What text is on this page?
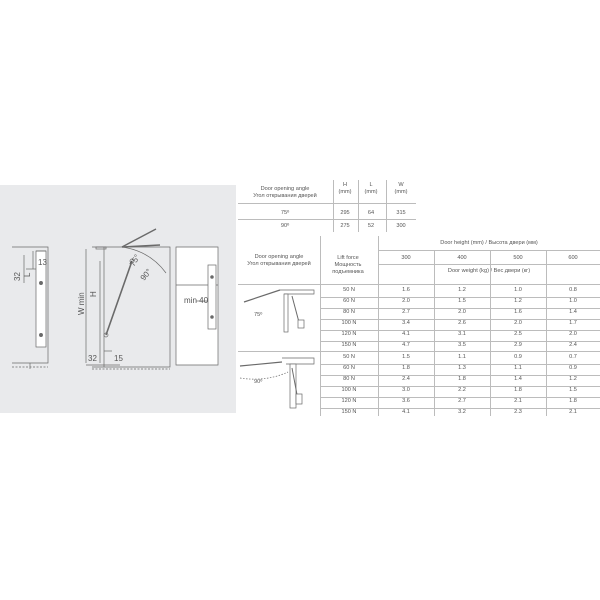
13
32 L
W min H
75°
90°
32 15
min 40
Door opening angle
Угол открывания дверей
H
(mm)
L
(mm)
W
(mm)
75º	295	64	315
90º	275	52	300
Door opening angle
Угол открывания дверей
Lift force
Мощность
подъемника
Door height (mm) / Высота двери (мм)
300	400	500	600
Door weight (kg) / Вес двери (кг)
75º
90º
50 N	1.6	1.2	1.0	0.8
60 N	2.0	1.5	1.2	1.0
80 N	2.7	2.0	1.6	1.4
100 N	3.4	2.6	2.0	1.7
120 N	4.1	3.1	2.5	2.0
150 N	4.7	3.5	2.9	2.4
50 N	1.5	1.1	0.9	0.7
60 N	1.8	1.3	1.1	0.9
80 N	2.4	1.8	1.4	1.2
100 N	3.0	2.2	1.8	1.5
120 N	3.6	2.7	2.1	1.8
150 N	4.1	3.2	2.3	2.1
